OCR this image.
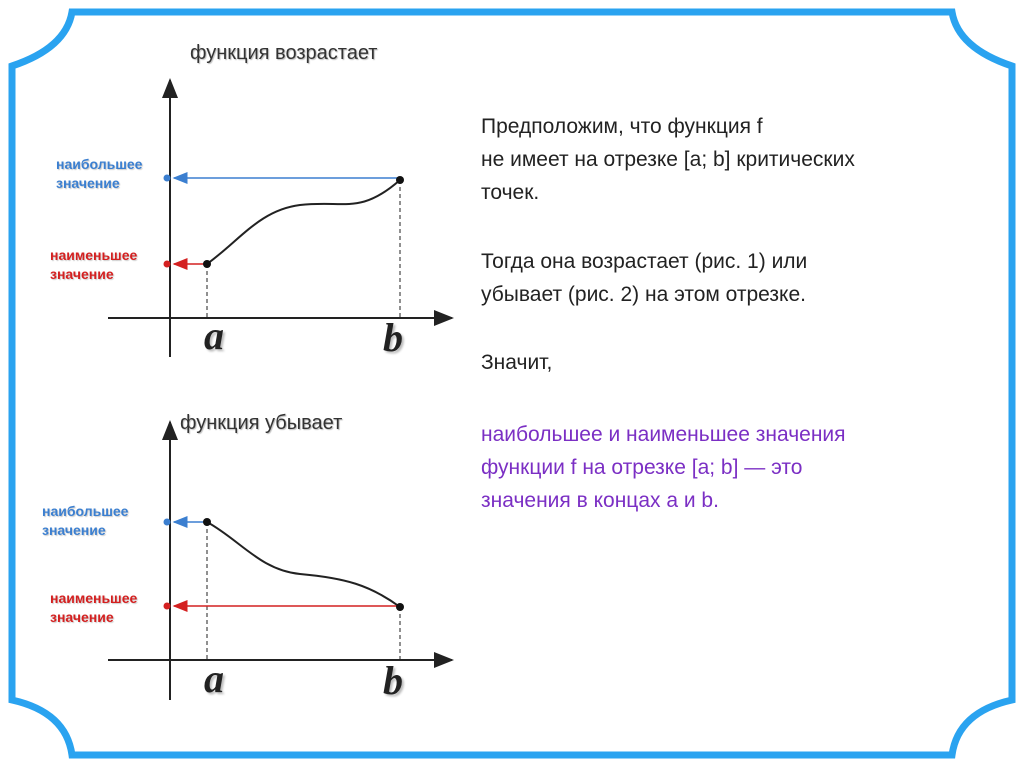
функция возрастает
наибольшее
значение
наименьшее
значение
a	b
функция убывает
наибольшее
значение
наименьшее
значение
a	b
Предположим, что функция f
не имеет на отрезке [a; b] критических
точек.
Тогда она возрастает (рис. 1) или
убывает (рис. 2) на этом отрезке.
Значит,
наибольшее и наименьшее значения
функции f на отрезке [a; b] — это
значения в концах a и b.
